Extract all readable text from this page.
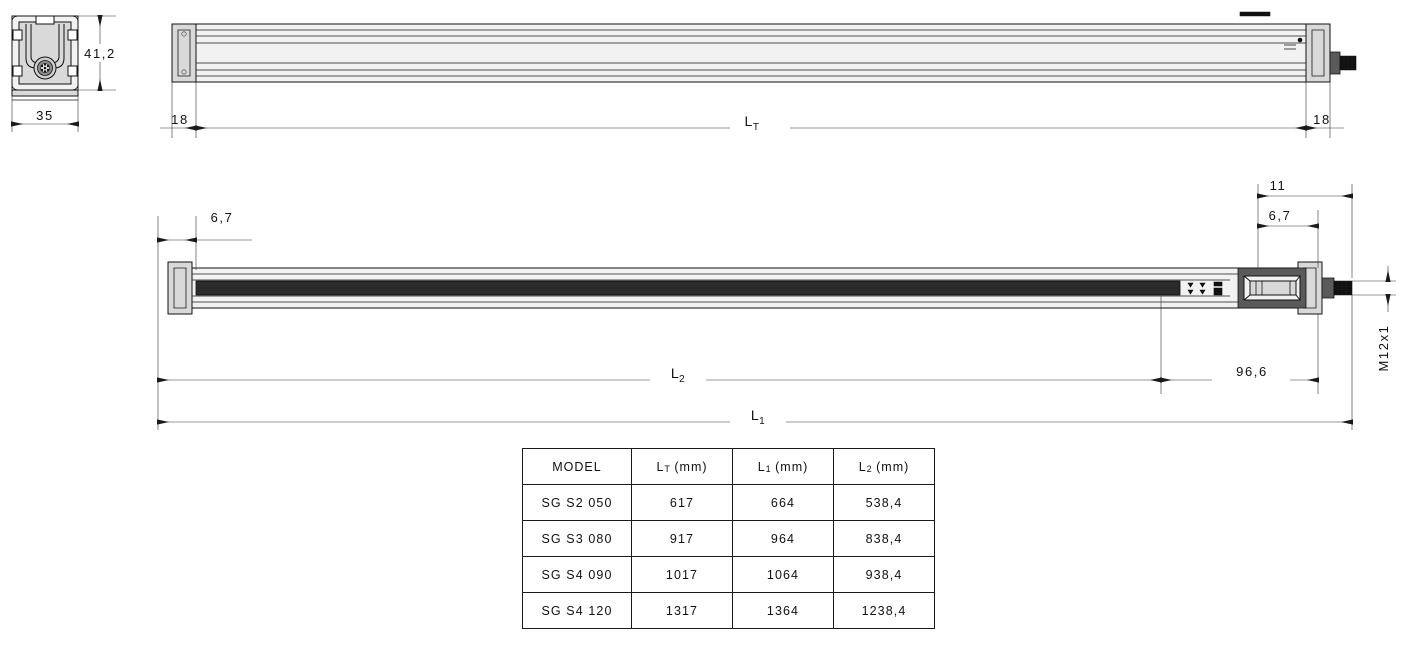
41,2
35	18	$L_T$
18
6,7
11
6,7
M12x1
$L_2$
96,6
$L_1$
MODEL	LT (mm)	L1 (mm)	L2 (mm)
SG S2 050	617	664	538,4
SG S3 080	917	964	838,4
SG S4 090	1017	1064	938,4
SG S4 120	1317	1364	1238,4
